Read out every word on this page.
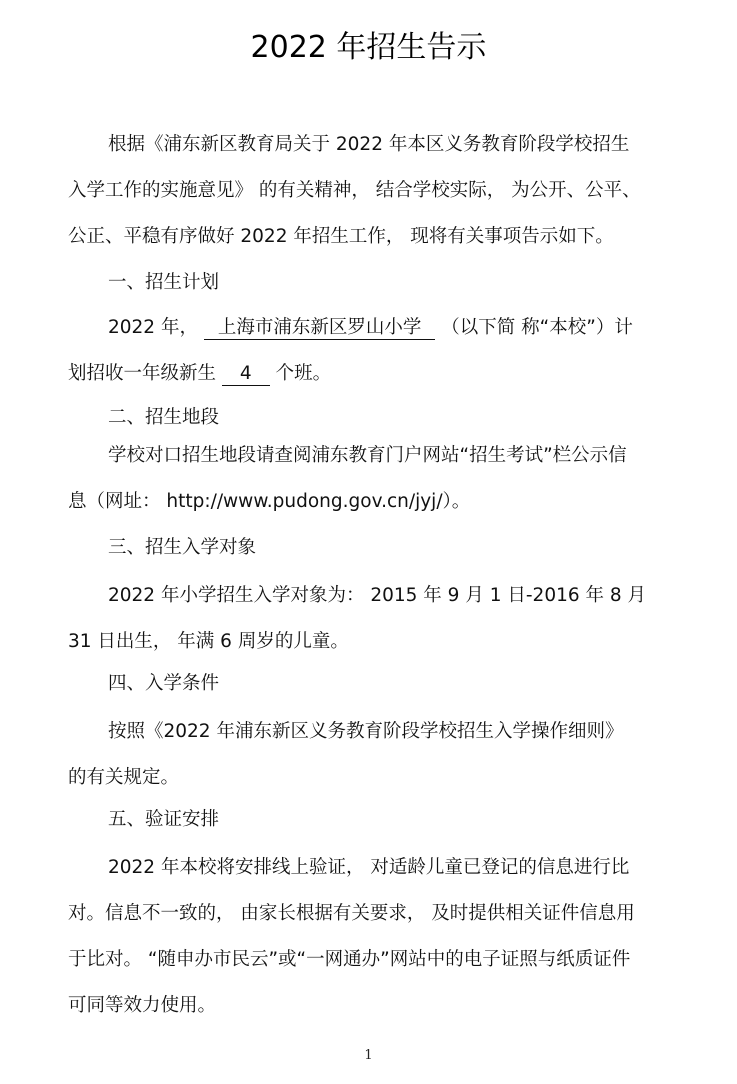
2022 年招生告示
根据《浦东新区教育局关于 2022 年本区义务教育阶段学校招生
入学工作的实施意见》 的有关精神， 结合学校实际， 为公开、公平、
公正、平稳有序做好 2022 年招生工作， 现将有关事项告示如下。
一、招生计划
2022 年， 上海市浦东新区罗山小学 （以下简 称“本校”）计
划招收一年级新生 4 个班。
二、招生地段
学校对口招生地段请查阅浦东教育门户网站“招生考试”栏公示信
息（网址： http://www.pudong.gov.cn/jyj/）。
三、招生入学对象
2022 年小学招生入学对象为： 2015 年 9 月 1 日-2016 年 8 月
31 日出生， 年满 6 周岁的儿童。
四、入学条件
按照《2022 年浦东新区义务教育阶段学校招生入学操作细则》
的有关规定。
五、验证安排
2022 年本校将安排线上验证， 对适龄儿童已登记的信息进行比
对。信息不一致的， 由家长根据有关要求， 及时提供相关证件信息用
于比对。 “随申办市民云”或“一网通办”网站中的电子证照与纸质证件
可同等效力使用。
1
